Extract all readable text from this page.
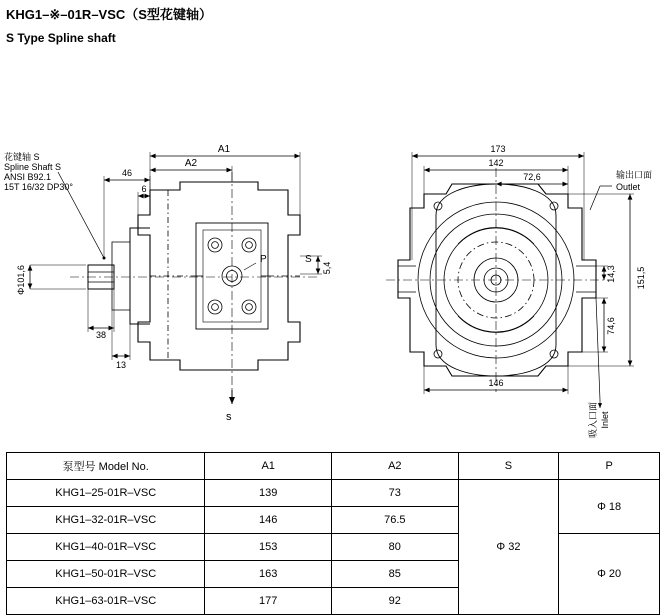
KHG1–※–01R–VSC（S型花键轴）
S Type Spline shaft
花键轴 S
Spline Shaft S
ANSI B92.1
15T 16/32 DP30°
A1
A2
46
6
38
13
Φ101,6	5,4
P	S
s
173
142
72,6
146
14,3 151,5
74,6
输出口面
Outlet
吸入口面 Inlet
泵型号 Model No.	A1	A2	S	P
KHG1–25-01R–VSC	139	73	Φ 32	Φ 18
KHG1–32-01R–VSC	146	76.5		
KHG1–40-01R–VSC	153	80		Φ 20
KHG1–50-01R–VSC	163	85		
KHG1–63-01R–VSC	177	92		
